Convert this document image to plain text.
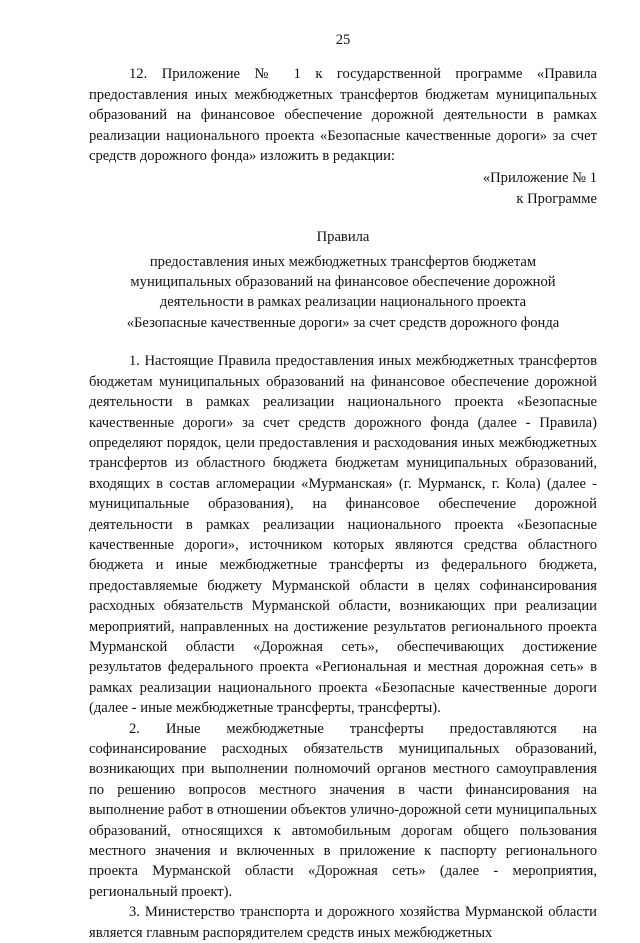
25

12. Приложение № 1 к государственной программе «Правила предоставления иных межбюджетных трансфертов бюджетам муниципальных образований на финансовое обеспечение дорожной деятельности в рамках реализации национального проекта «Безопасные качественные дороги» за счет средств дорожного фонда» изложить в редакции:

«Приложение № 1

к Программе

Правила
предоставления иных межбюджетных трансфертов бюджетам
муниципальных образований на финансовое обеспечение дорожной
деятельности в рамках реализации национального проекта
«Безопасные качественные дороги» за счет средств дорожного фонда

1. Настоящие Правила предоставления иных межбюджетных трансфертов бюджетам муниципальных образований на финансовое обеспечение дорожной деятельности в рамках реализации национального проекта «Безопасные качественные дороги» за счет средств дорожного фонда (далее - Правила) определяют порядок, цели предоставления и расходования иных межбюджетных трансфертов из областного бюджета бюджетам муниципальных образований, входящих в состав агломерации «Мурманская» (г. Мурманск, г. Кола) (далее - муниципальные образования), на финансовое обеспечение дорожной деятельности в рамках реализации национального проекта «Безопасные качественные дороги», источником которых являются средства областного бюджета и иные межбюджетные трансферты из федерального бюджета, предоставляемые бюджету Мурманской области в целях софинансирования расходных обязательств Мурманской области, возникающих при реализации мероприятий, направленных на достижение результатов регионального проекта Мурманской области «Дорожная сеть», обеспечивающих достижение результатов федерального проекта «Региональная и местная дорожная сеть» в рамках реализации национального проекта «Безопасные качественные дороги (далее - иные межбюджетные трансферты, трансферты).

2. Иные межбюджетные трансферты предоставляются на софинансирование расходных обязательств муниципальных образований, возникающих при выполнении полномочий органов местного самоуправления по решению вопросов местного значения в части финансирования на выполнение работ в отношении объектов улично-дорожной сети муниципальных образований, относящихся к автомобильным дорогам общего пользования местного значения и включенных в приложение к паспорту регионального проекта Мурманской области «Дорожная сеть» (далее - мероприятия, региональный проект).

3. Министерство транспорта и дорожного хозяйства Мурманской области является главным распорядителем средств иных межбюджетных
